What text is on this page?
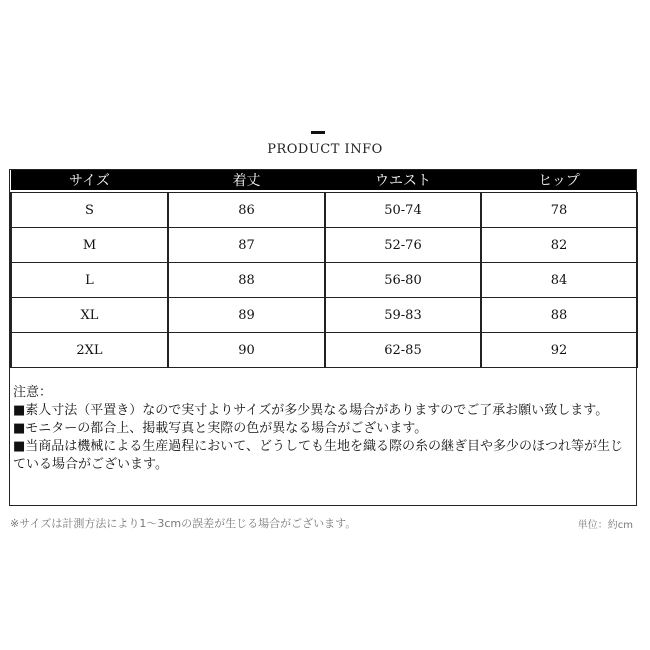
PRODUCT INFO
サイズ	着丈	ウエスト	ヒップ

S	86	50-74	78
M	87	52-76	82
L	88	56-80	84
XL	89	59-83	88
2XL	90	62-85	92
注意：
■素人寸法（平置き）なので実寸よりサイズが多少異なる場合がありますのでご了承お願い致します。
■モニターの都合上、掲載写真と実際の色が異なる場合がございます。
■当商品は機械による生産過程において、どうしても生地を織る際の糸の継ぎ目や多少のほつれ等が生じている場合がございます。
※サイズは計測方法により1〜3cmの誤差が生じる場合がございます。	単位：約cm
